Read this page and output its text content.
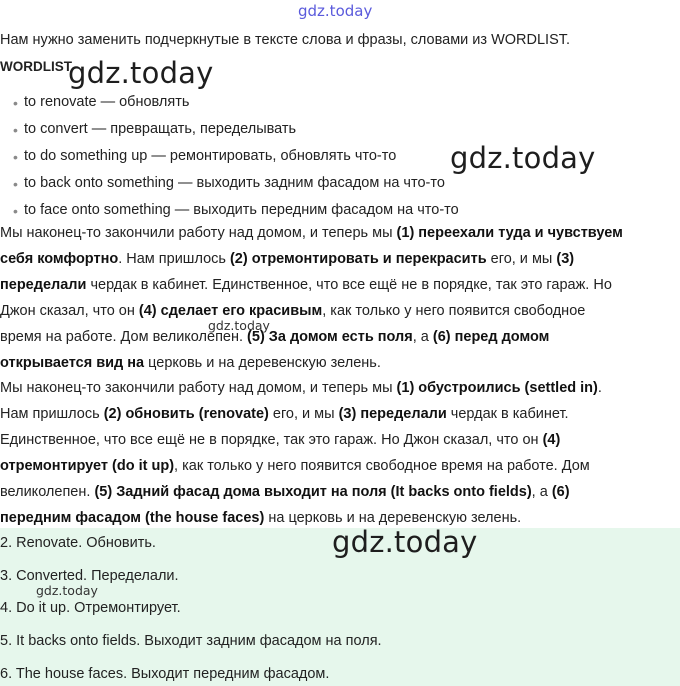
gdz.today
gdz.today
gdz.today
gdz.today
Нам нужно заменить подчеркнутые в тексте слова и фразы, словами из WORDLIST.
WORDLIST
• to renovate — обновлять
• to convert — превращать, переделывать
• to do something up — ремонтировать, обновлять что-то
• to back onto something — выходить задним фасадом на что-то
• to face onto something — выходить передним фасадом на что-то
Мы наконец-то закончили работу над домом, и теперь мы (1) переехали туда и чувствуем
себя комфортно. Нам пришлось (2) отремонтировать и перекрасить его, и мы (3)
переделали чердак в кабинет. Единственное, что все ещё не в порядке, так это гараж. Но
Джон сказал, что он (4) сделает его красивым, как только у него появится свободное
время на работе. Дом великолепен. (5) За домом есть поля, а (6) перед домом
открывается вид на церковь и на деревенскую зелень.
Мы наконец-то закончили работу над домом, и теперь мы (1) обустроились (settled in).
Нам пришлось (2) обновить (renovate) его, и мы (3) переделали чердак в кабинет.
Единственное, что все ещё не в порядке, так это гараж. Но Джон сказал, что он (4)
отремонтирует (do it up), как только у него появится свободное время на работе. Дом
великолепен. (5) Задний фасад дома выходит на поля (It backs onto fields), а (6)
передним фасадом (the house faces) на церковь и на деревенскую зелень.
gdz.today
gdz.today
2. Renovate. Обновить.
3. Converted. Переделали.
4. Do it up. Отремонтирует.
5. It backs onto fields. Выходит задним фасадом на поля.
6. The house faces. Выходит передним фасадом.
